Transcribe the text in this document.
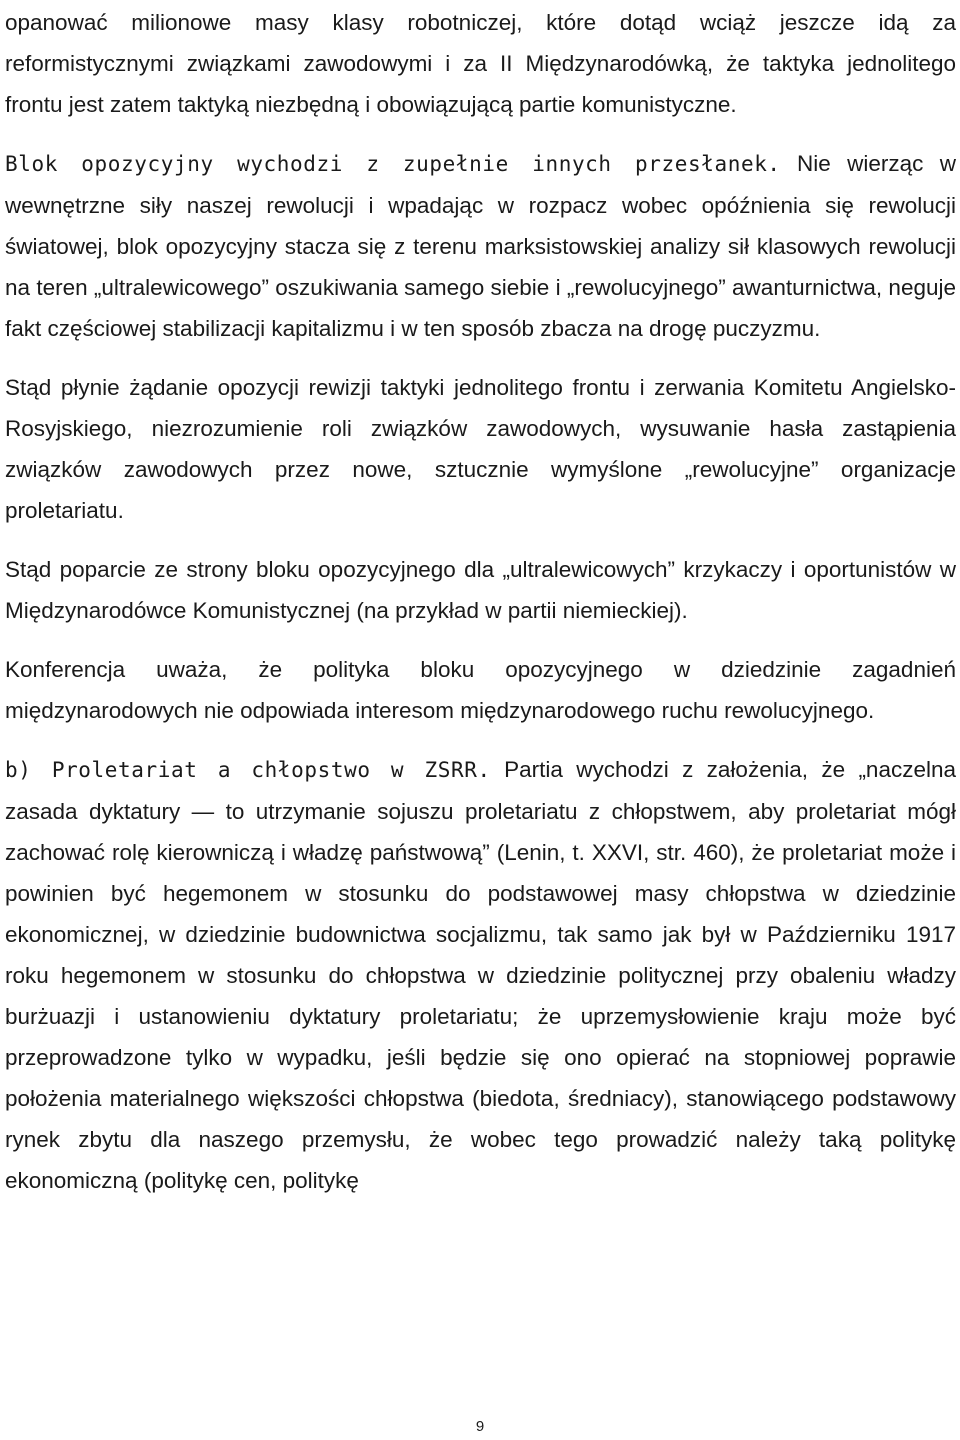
opanować milionowe masy klasy robotniczej, które dotąd wciąż jeszcze idą za reformistycznymi związkami zawodowymi i za II Międzynarodówką, że taktyka jednolitego frontu jest zatem taktyką niezbędną i obowiązującą partie komunistyczne.

Blok opozycyjny wychodzi z zupełnie innych przesłanek. Nie wierząc w wewnętrzne siły naszej rewolucji i wpadając w rozpacz wobec opóźnienia się rewolucji światowej, blok opozycyjny stacza się z terenu marksistowskiej analizy sił klasowych rewolucji na teren „ultralewicowego” oszukiwania samego siebie i „rewolucyjnego” awanturnictwa, neguje fakt częściowej stabilizacji kapitalizmu i w ten sposób zbacza na drogę puczyzmu.

Stąd płynie żądanie opozycji rewizji taktyki jednolitego frontu i zerwania Komitetu Angielsko-Rosyjskiego, niezrozumienie roli związków zawodowych, wysuwanie hasła zastąpienia związków zawodowych przez nowe, sztucznie wymyślone „rewolucyjne” organizacje proletariatu.

Stąd poparcie ze strony bloku opozycyjnego dla „ultralewicowych” krzykaczy i oportunistów w Międzynarodówce Komunistycznej (na przykład w partii niemieckiej).

Konferencja uważa, że polityka bloku opozycyjnego w dziedzinie zagadnień międzynarodowych nie odpowiada interesom międzynarodowego ruchu rewolucyjnego.

b) Proletariat a chłopstwo w ZSRR. Partia wychodzi z założenia, że „naczelna zasada dyktatury — to utrzymanie sojuszu proletariatu z chłopstwem, aby proletariat mógł zachować rolę kierowniczą i władzę państwową” (Lenin, t. XXVI, str. 460), że proletariat może i powinien być hegemonem w stosunku do podstawowej masy chłopstwa w dziedzinie ekonomicznej, w dziedzinie budownictwa socjalizmu, tak samo jak był w Październiku 1917 roku hegemonem w stosunku do chłopstwa w dziedzinie politycznej przy obaleniu władzy burżuazji i ustanowieniu dyktatury proletariatu; że uprzemysłowienie kraju może być przeprowadzone tylko w wypadku, jeśli będzie się ono opierać na stopniowej poprawie położenia materialnego większości chłopstwa (biedota, średniacy), stanowiącego podstawowy rynek zbytu dla naszego przemysłu, że wobec tego prowadzić należy taką politykę ekonomiczną (politykę cen, politykę

9
